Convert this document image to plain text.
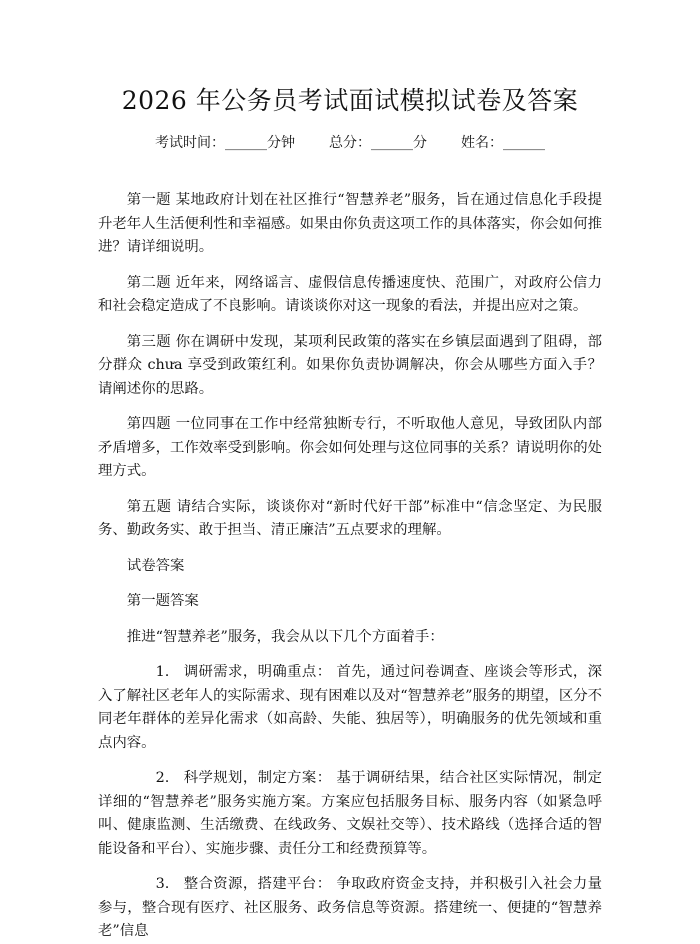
2026 年公务员考试面试模拟试卷及答案
考试时间：______分钟 总分：______分 姓名：______

第一题 某地政府计划在社区推行“智慧养老”服务，旨在通过信息化手段提升老年人生活便利性和幸福感。如果由你负责这项工作的具体落实，你会如何推进？请详细说明。

第二题 近年来，网络谣言、虚假信息传播速度快、范围广，对政府公信力和社会稳定造成了不良影响。请谈谈你对这一现象的看法，并提出应对之策。

第三题 你在调研中发现，某项利民政策的落实在乡镇层面遇到了阻碍，部分群众 chưa 享受到政策红利。如果你负责协调解决，你会从哪些方面入手？请阐述你的思路。

第四题 一位同事在工作中经常独断专行，不听取他人意见，导致团队内部矛盾增多，工作效率受到影响。你会如何处理与这位同事的关系？请说明你的处理方式。

第五题 请结合实际，谈谈你对“新时代好干部”标准中“信念坚定、为民服务、勤政务实、敢于担当、清正廉洁”五点要求的理解。

试卷答案

第一题答案

推进“智慧养老”服务，我会从以下几个方面着手：

1. 调研需求，明确重点： 首先，通过问卷调查、座谈会等形式，深入了解社区老年人的实际需求、现有困难以及对“智慧养老”服务的期望，区分不同老年群体的差异化需求（如高龄、失能、独居等），明确服务的优先领域和重点内容。

2. 科学规划，制定方案： 基于调研结果，结合社区实际情况，制定详细的“智慧养老”服务实施方案。方案应包括服务目标、服务内容（如紧急呼叫、健康监测、生活缴费、在线政务、文娱社交等）、技术路线（选择合适的智能设备和平台）、实施步骤、责任分工和经费预算等。

3. 整合资源，搭建平台： 争取政府资金支持，并积极引入社会力量参与，整合现有医疗、社区服务、政务信息等资源。搭建统一、便捷的“智慧养老”信息
